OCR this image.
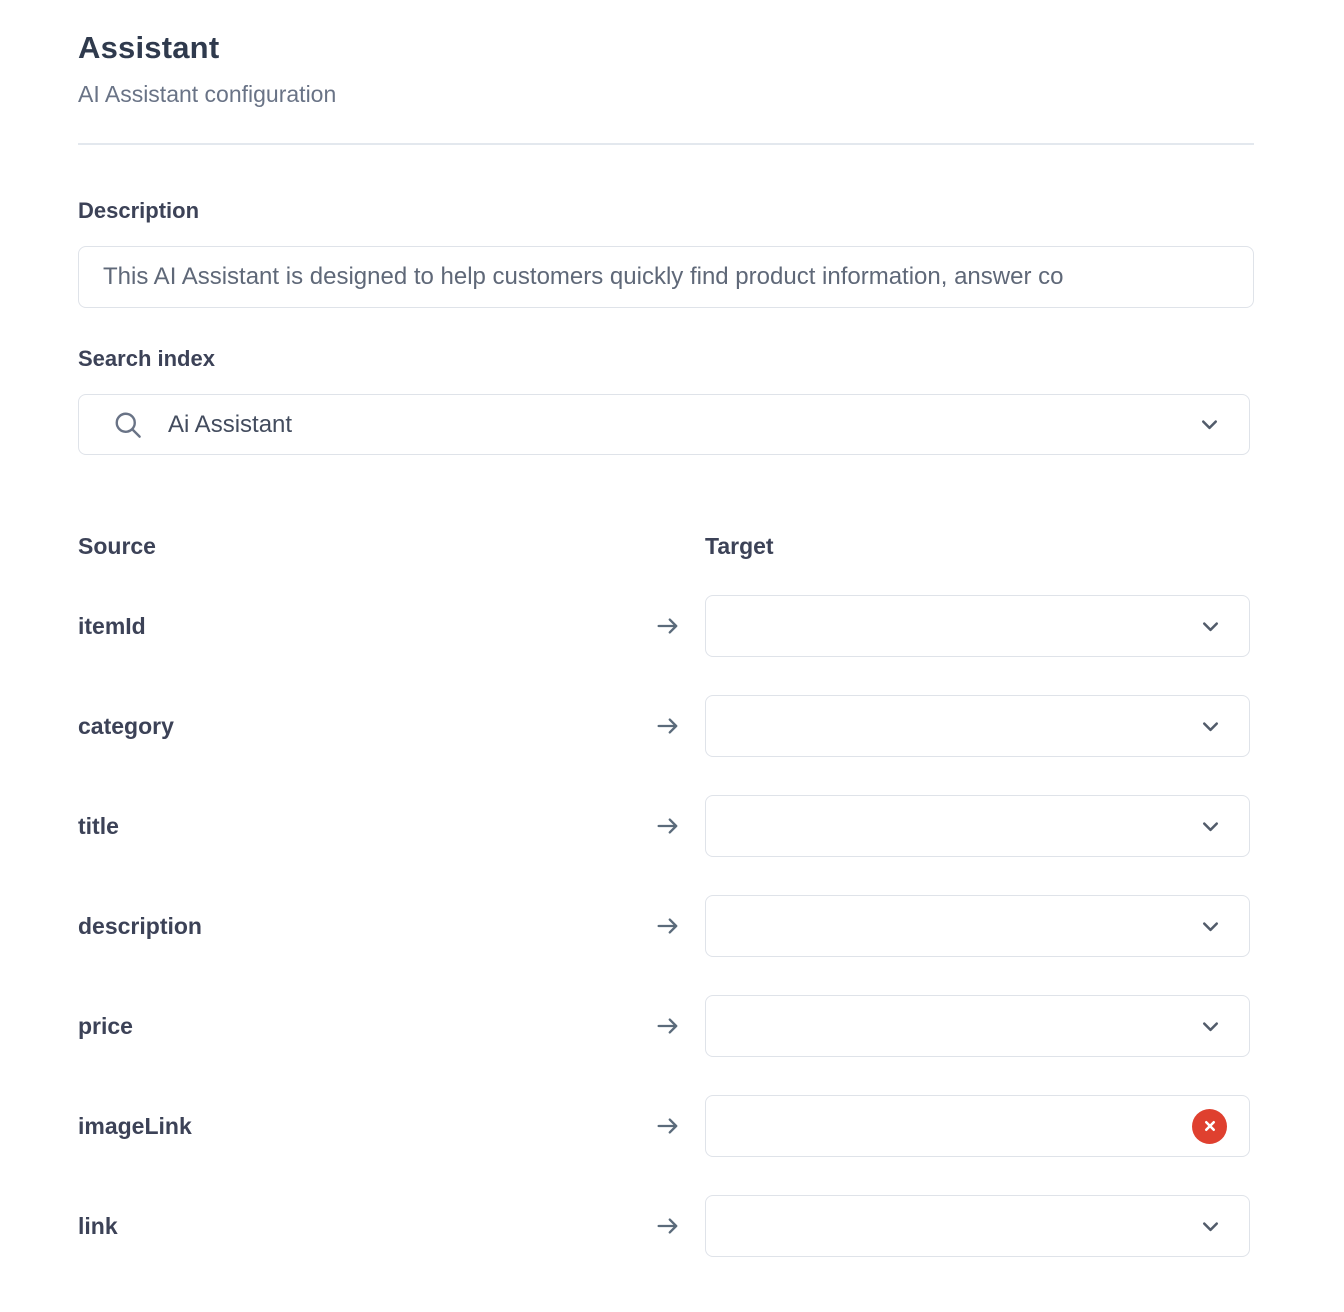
Assistant
AI Assistant configuration
Description
This AI Assistant is designed to help customers quickly find product information, answer co
Search index
Ai Assistant
Source	Target
itemId
category
title
description
price
imageLink
link
